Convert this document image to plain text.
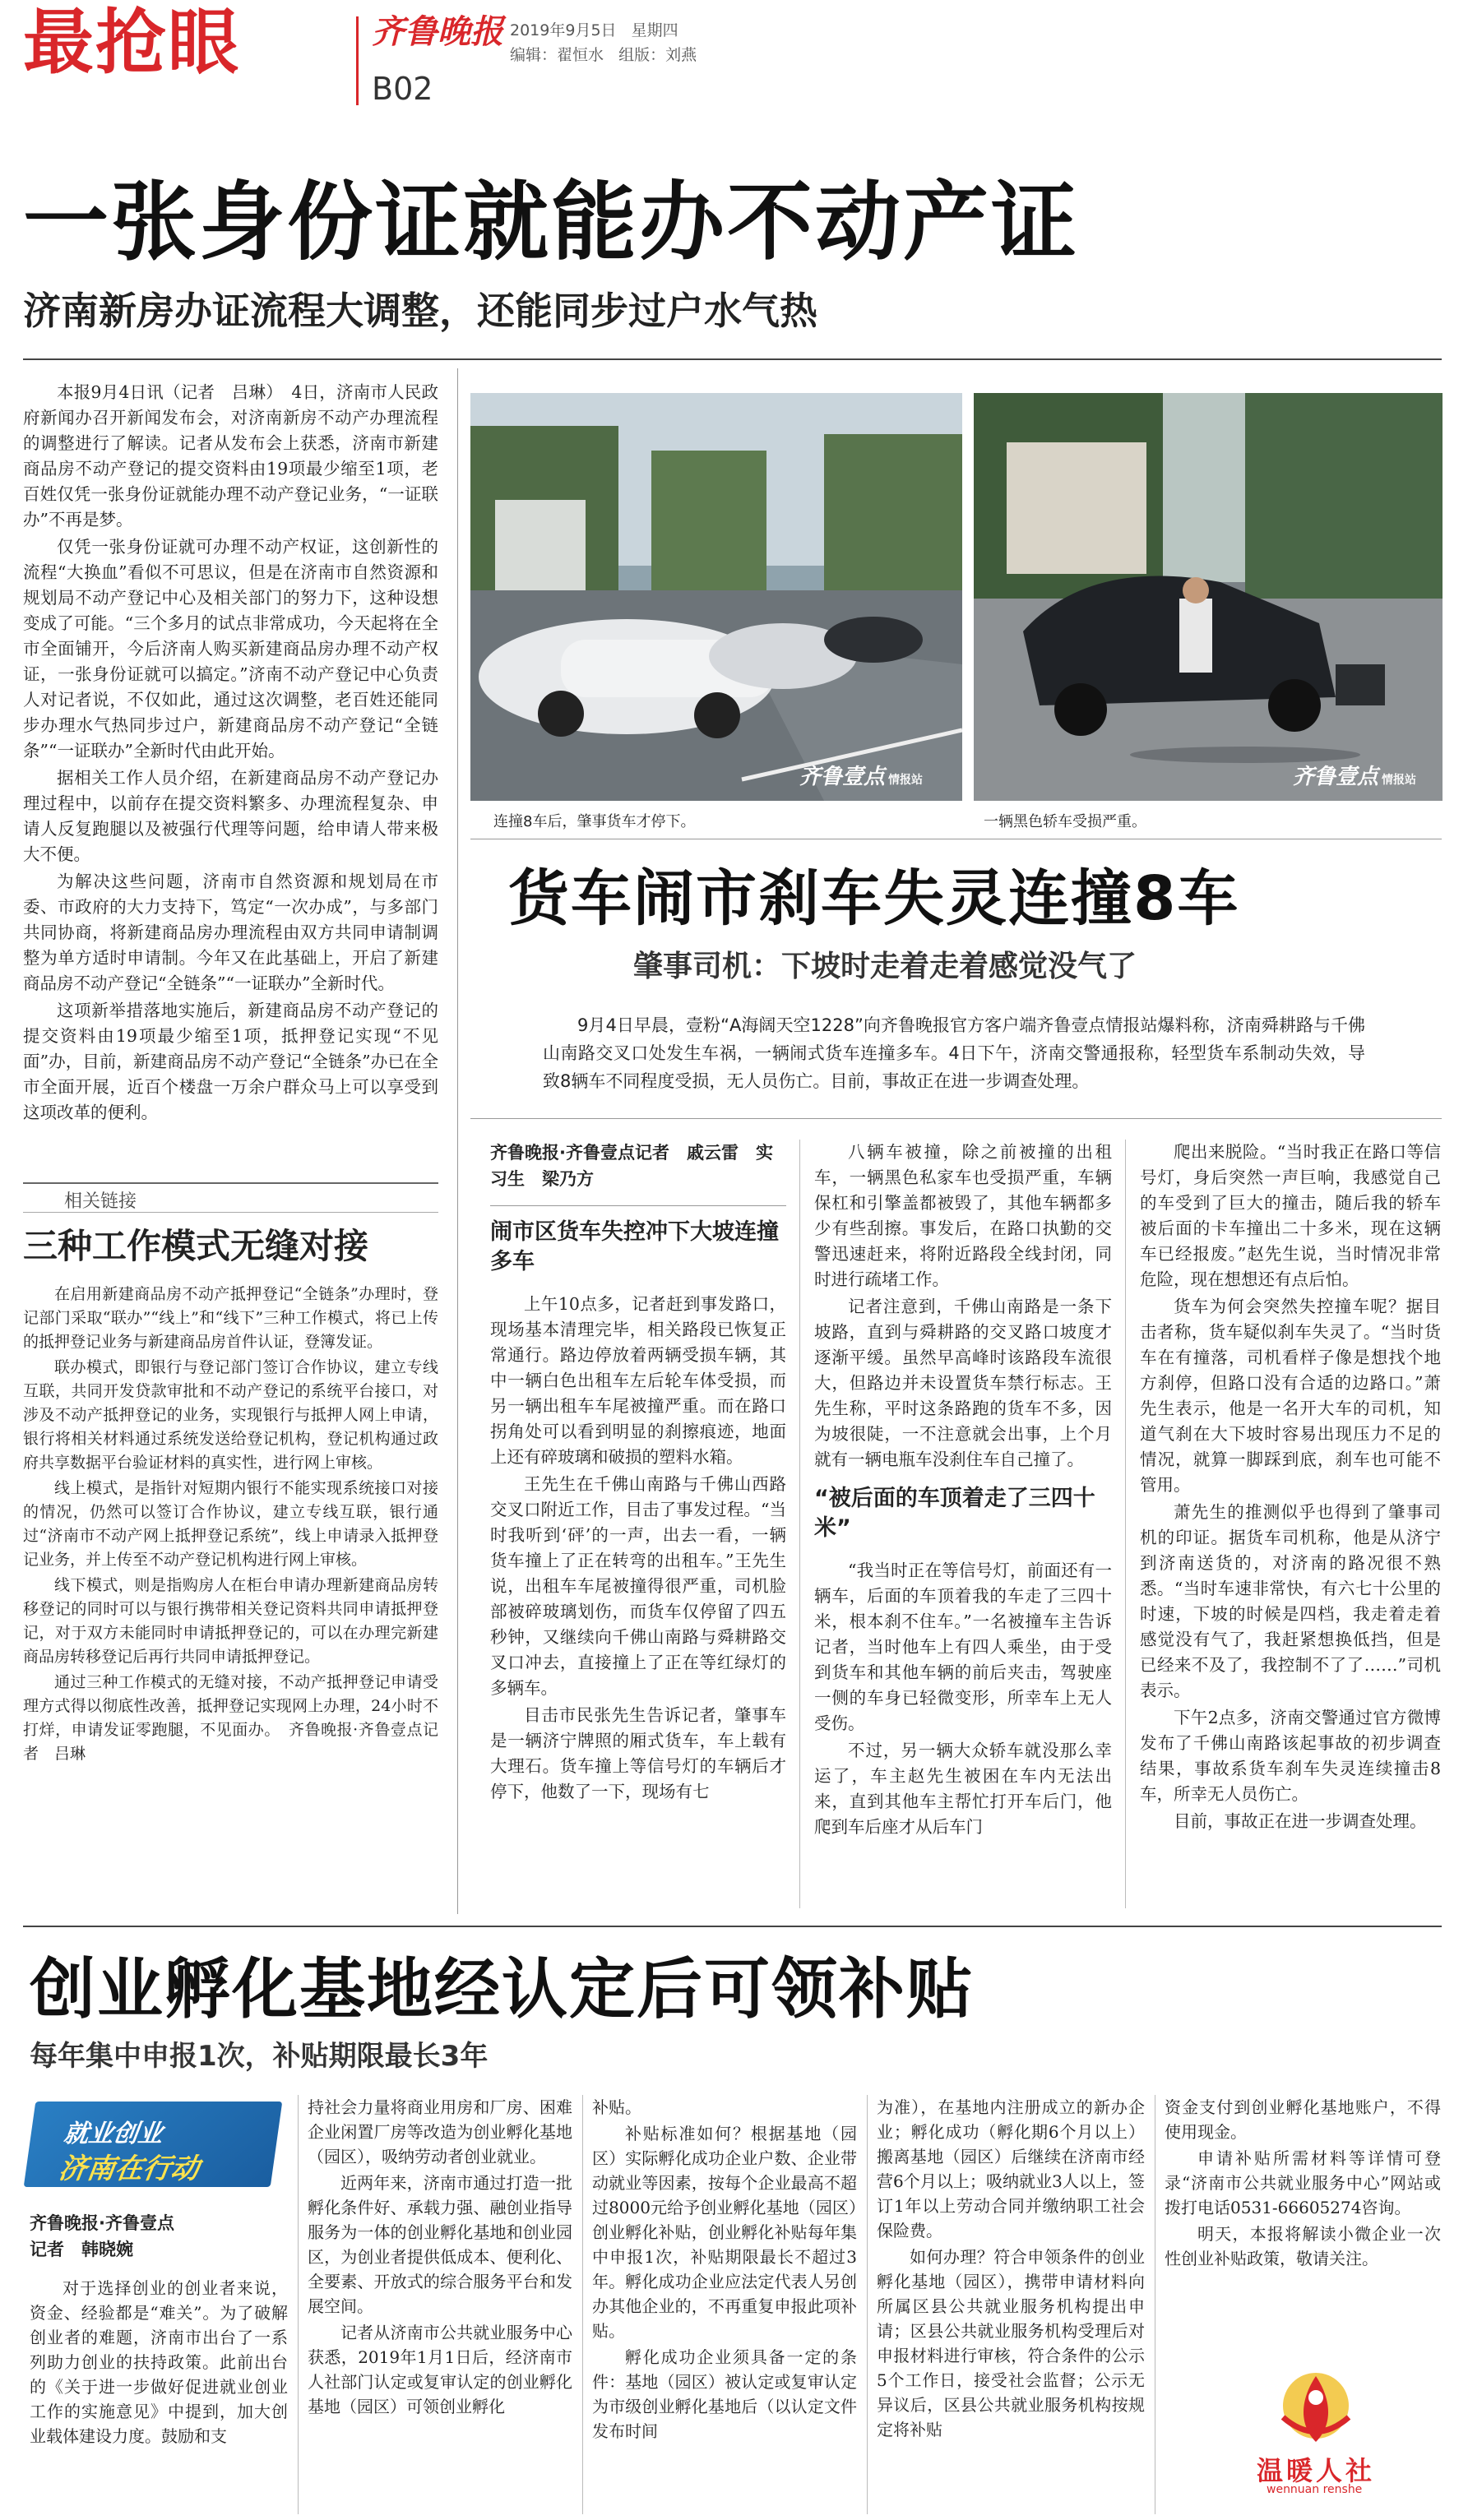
最抢眼	齐鲁晚报 2019年9月5日 星期四
编辑：翟恒水 组版：刘燕
B02
一张身份证就能办不动产证
济南新房办证流程大调整，还能同步过户水气热

本报9月4日讯（记者　吕琳）　4日，济南市人民政府新闻办召开新闻发布会，对济南新房不动产办理流程的调整进行了解读。记者从发布会上获悉，济南市新建商品房不动产登记的提交资料由19项最少缩至1项，老百姓仅凭一张身份证就能办理不动产登记业务，“一证联办”不再是梦。

仅凭一张身份证就可办理不动产权证，这创新性的流程“大换血”看似不可思议，但是在济南市自然资源和规划局不动产登记中心及相关部门的努力下，这种设想变成了可能。“三个多月的试点非常成功，今天起将在全市全面铺开，今后济南人购买新建商品房办理不动产权证，一张身份证就可以搞定。”济南不动产登记中心负责人对记者说，不仅如此，通过这次调整，老百姓还能同步办理水气热同步过户，新建商品房不动产登记“全链条”“一证联办”全新时代由此开始。

据相关工作人员介绍，在新建商品房不动产登记办理过程中，以前存在提交资料繁多、办理流程复杂、申请人反复跑腿以及被强行代理等问题，给申请人带来极大不便。

为解决这些问题，济南市自然资源和规划局在市委、市政府的大力支持下，笃定“一次办成”，与多部门共同协商，将新建商品房办理流程由双方共同申请制调整为单方适时申请制。今年又在此基础上，开启了新建商品房不动产登记“全链条”“一证联办”全新时代。

这项新举措落地实施后，新建商品房不动产登记的提交资料由19项最少缩至1项，抵押登记实现“不见面”办，目前，新建商品房不动产登记“全链条”办已在全市全面开展，近百个楼盘一万余户群众马上可以享受到这项改革的便利。

相关链接
三种工作模式无缝对接

在启用新建商品房不动产抵押登记“全链条”办理时，登记部门采取“联办”“线上”和“线下”三种工作模式，将已上传的抵押登记业务与新建商品房首件认证，登簿发证。

联办模式，即银行与登记部门签订合作协议，建立专线互联，共同开发贷款审批和不动产登记的系统平台接口，对涉及不动产抵押登记的业务，实现银行与抵押人网上申请，银行将相关材料通过系统发送给登记机构，登记机构通过政府共享数据平台验证材料的真实性，进行网上审核。

线上模式，是指针对短期内银行不能实现系统接口对接的情况，仍然可以签订合作协议，建立专线互联，银行通过“济南市不动产网上抵押登记系统”，线上申请录入抵押登记业务，并上传至不动产登记机构进行网上审核。

线下模式，则是指购房人在柜台申请办理新建商品房转移登记的同时可以与银行携带相关登记资料共同申请抵押登记，对于双方未能同时申请抵押登记的，可以在办理完新建商品房转移登记后再行共同申请抵押登记。

通过三种工作模式的无缝对接，不动产抵押登记申请受理方式得以彻底性改善，抵押登记实现网上办理，24小时不打烊，申请发证零跑腿，不见面办。　齐鲁晚报·齐鲁壹点记者　吕琳

齐鲁壹点 情报站
连撞8车后，肇事货车才停下。
齐鲁壹点 情报站
一辆黑色轿车受损严重。
货车闹市刹车失灵连撞8车
肇事司机：下坡时走着走着感觉没气了

9月4日早晨，壹粉“A海阔天空1228”向齐鲁晚报官方客户端齐鲁壹点情报站爆料称，济南舜耕路与千佛山南路交叉口处发生车祸，一辆闹式货车连撞多车。4日下午，济南交警通报称，轻型货车系制动失效，导致8辆车不同程度受损，无人员伤亡。目前，事故正在进一步调查处理。

齐鲁晚报·齐鲁壹点记者　戚云雷　实习生　梁乃方

闹市区货车失控冲下大坡连撞多车

上午10点多，记者赶到事发路口，现场基本清理完毕，相关路段已恢复正常通行。路边停放着两辆受损车辆，其中一辆白色出租车左后轮车体受损，而另一辆出租车车尾被撞严重。而在路口拐角处可以看到明显的刹擦痕迹，地面上还有碎玻璃和破损的塑料水箱。

王先生在千佛山南路与千佛山西路交叉口附近工作，目击了事发过程。“当时我听到‘砰’的一声，出去一看，一辆货车撞上了正在转弯的出租车。”王先生说，出租车车尾被撞得很严重，司机脸部被碎玻璃划伤，而货车仅停留了四五秒钟，又继续向千佛山南路与舜耕路交叉口冲去，直接撞上了正在等红绿灯的多辆车。

目击市民张先生告诉记者，肇事车是一辆济宁牌照的厢式货车，车上载有大理石。货车撞上等信号灯的车辆后才停下，他数了一下，现场有七

八辆车被撞，除之前被撞的出租车，一辆黑色私家车也受损严重，车辆保杠和引擎盖都被毁了，其他车辆都多少有些刮擦。事发后，在路口执勤的交警迅速赶来，将附近路段全线封闭，同时进行疏堵工作。

记者注意到，千佛山南路是一条下坡路，直到与舜耕路的交叉路口坡度才逐渐平缓。虽然早高峰时该路段车流很大，但路边并未设置货车禁行标志。王先生称，平时这条路跑的货车不多，因为坡很陡，一不注意就会出事，上个月就有一辆电瓶车没刹住车自己撞了。

“被后面的车顶着走了三四十米”

“我当时正在等信号灯，前面还有一辆车，后面的车顶着我的车走了三四十米，根本刹不住车。”一名被撞车主告诉记者，当时他车上有四人乘坐，由于受到货车和其他车辆的前后夹击，驾驶座一侧的车身已轻微变形，所幸车上无人受伤。

不过，另一辆大众轿车就没那么幸运了，车主赵先生被困在车内无法出来，直到其他车主帮忙打开车后门，他爬到车后座才从后车门

爬出来脱险。“当时我正在路口等信号灯，身后突然一声巨响，我感觉自己的车受到了巨大的撞击，随后我的轿车被后面的卡车撞出二十多米，现在这辆车已经报废。”赵先生说，当时情况非常危险，现在想想还有点后怕。

货车为何会突然失控撞车呢？据目击者称，货车疑似刹车失灵了。“当时货车在有撞落，司机看样子像是想找个地方刹停，但路口没有合适的边路口。”萧先生表示，他是一名开大车的司机，知道气刹在大下坡时容易出现压力不足的情况，就算一脚踩到底，刹车也可能不管用。

萧先生的推测似乎也得到了肇事司机的印证。据货车司机称，他是从济宁到济南送货的，对济南的路况很不熟悉。“当时车速非常快，有六七十公里的时速，下坡的时候是四档，我走着走着感觉没有气了，我赶紧想换低挡，但是已经来不及了，我控制不了了……”司机表示。

下午2点多，济南交警通过官方微博发布了千佛山南路该起事故的初步调查结果，事故系货车刹车失灵连续撞击8车，所幸无人员伤亡。

目前，事故正在进一步调查处理。

创业孵化基地经认定后可领补贴
每年集中申报1次，补贴期限最长3年
就业创业
济南在行动
齐鲁晚报·齐鲁壹点
记者　韩晓婉

对于选择创业的创业者来说，资金、经验都是“难关”。为了破解创业者的难题，济南市出台了一系列助力创业的扶持政策。此前出台的《关于进一步做好促进就业创业工作的实施意见》中提到，加大创业载体建设力度。鼓励和支

持社会力量将商业用房和厂房、困难企业闲置厂房等改造为创业孵化基地（园区），吸纳劳动者创业就业。

近两年来，济南市通过打造一批孵化条件好、承载力强、融创业指导服务为一体的创业孵化基地和创业园区，为创业者提供低成本、便利化、全要素、开放式的综合服务平台和发展空间。

记者从济南市公共就业服务中心获悉，2019年1月1日后，经济南市人社部门认定或复审认定的创业孵化基地（园区）可领创业孵化

补贴。

补贴标准如何？根据基地（园区）实际孵化成功企业户数、企业带动就业等因素，按每个企业最高不超过8000元给予创业孵化基地（园区）创业孵化补贴，创业孵化补贴每年集中申报1次，补贴期限最长不超过3年。孵化成功企业应法定代表人另创办其他企业的，不再重复申报此项补贴。

孵化成功企业须具备一定的条件：基地（园区）被认定或复审认定为市级创业孵化基地后（以认定文件发布时间

为准），在基地内注册成立的新办企业；孵化成功（孵化期6个月以上）搬离基地（园区）后继续在济南市经营6个月以上；吸纳就业3人以上，签订1年以上劳动合同并缴纳职工社会保险费。

如何办理？符合申领条件的创业孵化基地（园区），携带申请材料向所属区县公共就业服务机构提出申请；区县公共就业服务机构受理后对申报材料进行审核，符合条件的公示5个工作日，接受社会监督；公示无异议后，区县公共就业服务机构按规定将补贴

资金支付到创业孵化基地账户，不得使用现金。

申请补贴所需材料等详情可登录“济南市公共就业服务中心”网站或拨打电话0531-66605274咨询。

明天，本报将解读小微企业一次性创业补贴政策，敬请关注。

温暖人社
wennuan renshe
